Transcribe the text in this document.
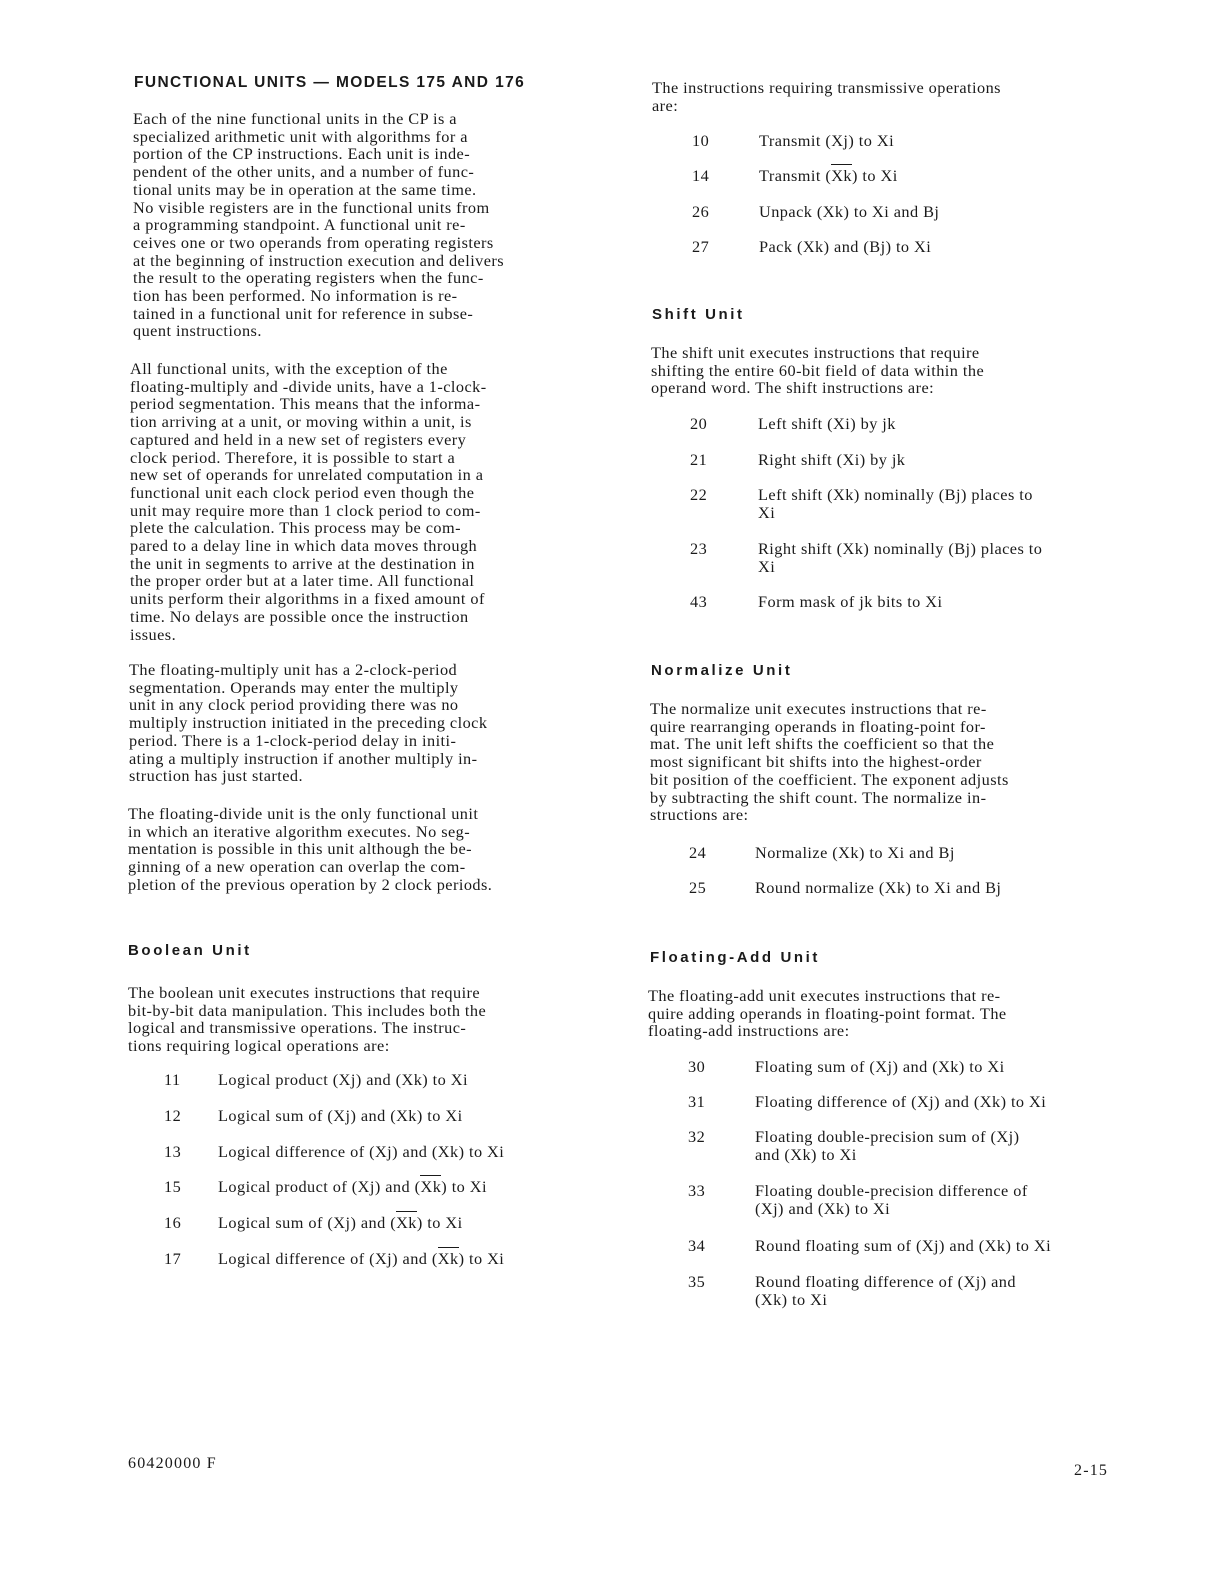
FUNCTIONAL UNITS — MODELS 175 AND 176
Each of the nine functional units in the CP is a
specialized arithmetic unit with algorithms for a
portion of the CP instructions. Each unit is inde-
pendent of the other units, and a number of func-
tional units may be in operation at the same time.
No visible registers are in the functional units from
a programming standpoint. A functional unit re-
ceives one or two operands from operating registers
at the beginning of instruction execution and delivers
the result to the operating registers when the func-
tion has been performed. No information is re-
tained in a functional unit for reference in subse-
quent instructions.
All functional units, with the exception of the
floating-multiply and -divide units, have a 1-clock-
period segmentation. This means that the informa-
tion arriving at a unit, or moving within a unit, is
captured and held in a new set of registers every
clock period. Therefore, it is possible to start a
new set of operands for unrelated computation in a
functional unit each clock period even though the
unit may require more than 1 clock period to com-
plete the calculation. This process may be com-
pared to a delay line in which data moves through
the unit in segments to arrive at the destination in
the proper order but at a later time. All functional
units perform their algorithms in a fixed amount of
time. No delays are possible once the instruction
issues.
The floating-multiply unit has a 2-clock-period
segmentation. Operands may enter the multiply
unit in any clock period providing there was no
multiply instruction initiated in the preceding clock
period. There is a 1-clock-period delay in initi-
ating a multiply instruction if another multiply in-
struction has just started.
The floating-divide unit is the only functional unit
in which an iterative algorithm executes. No seg-
mentation is possible in this unit although the be-
ginning of a new operation can overlap the com-
pletion of the previous operation by 2 clock periods.
Boolean Unit
The boolean unit executes instructions that require
bit-by-bit data manipulation. This includes both the
logical and transmissive operations. The instruc-
tions requiring logical operations are:
11 Logical product (Xj) and (Xk) to Xi
12 Logical sum of (Xj) and (Xk) to Xi
13 Logical difference of (Xj) and (Xk) to Xi
15 Logical product of (Xj) and (Xk) to Xi
16 Logical sum of (Xj) and (Xk) to Xi
17 Logical difference of (Xj) and (Xk) to Xi
The instructions requiring transmissive operations
are:
10	Transmit (Xj) to Xi
14	Transmit (Xk) to Xi
26	Unpack (Xk) to Xi and Bj
27	Pack (Xk) and (Bj) to Xi
Shift Unit
The shift unit executes instructions that require
shifting the entire 60-bit field of data within the
operand word. The shift instructions are:
20	Left shift (Xi) by jk
21	Right shift (Xi) by jk
22	Left shift (Xk) nominally (Bj) places to
Xi
23	Right shift (Xk) nominally (Bj) places to
Xi
43	Form mask of jk bits to Xi
Normalize Unit
The normalize unit executes instructions that re-
quire rearranging operands in floating-point for-
mat. The unit left shifts the coefficient so that the
most significant bit shifts into the highest-order
bit position of the coefficient. The exponent adjusts
by subtracting the shift count. The normalize in-
structions are:
24	Normalize (Xk) to Xi and Bj
25	Round normalize (Xk) to Xi and Bj
Floating-Add Unit
The floating-add unit executes instructions that re-
quire adding operands in floating-point format. The
floating-add instructions are:
30	Floating sum of (Xj) and (Xk) to Xi
31	Floating difference of (Xj) and (Xk) to Xi
32	Floating double-precision sum of (Xj)
and (Xk) to Xi
33	Floating double-precision difference of
(Xj) and (Xk) to Xi
34	Round floating sum of (Xj) and (Xk) to Xi
35	Round floating difference of (Xj) and
(Xk) to Xi
60420000 F	2-15
